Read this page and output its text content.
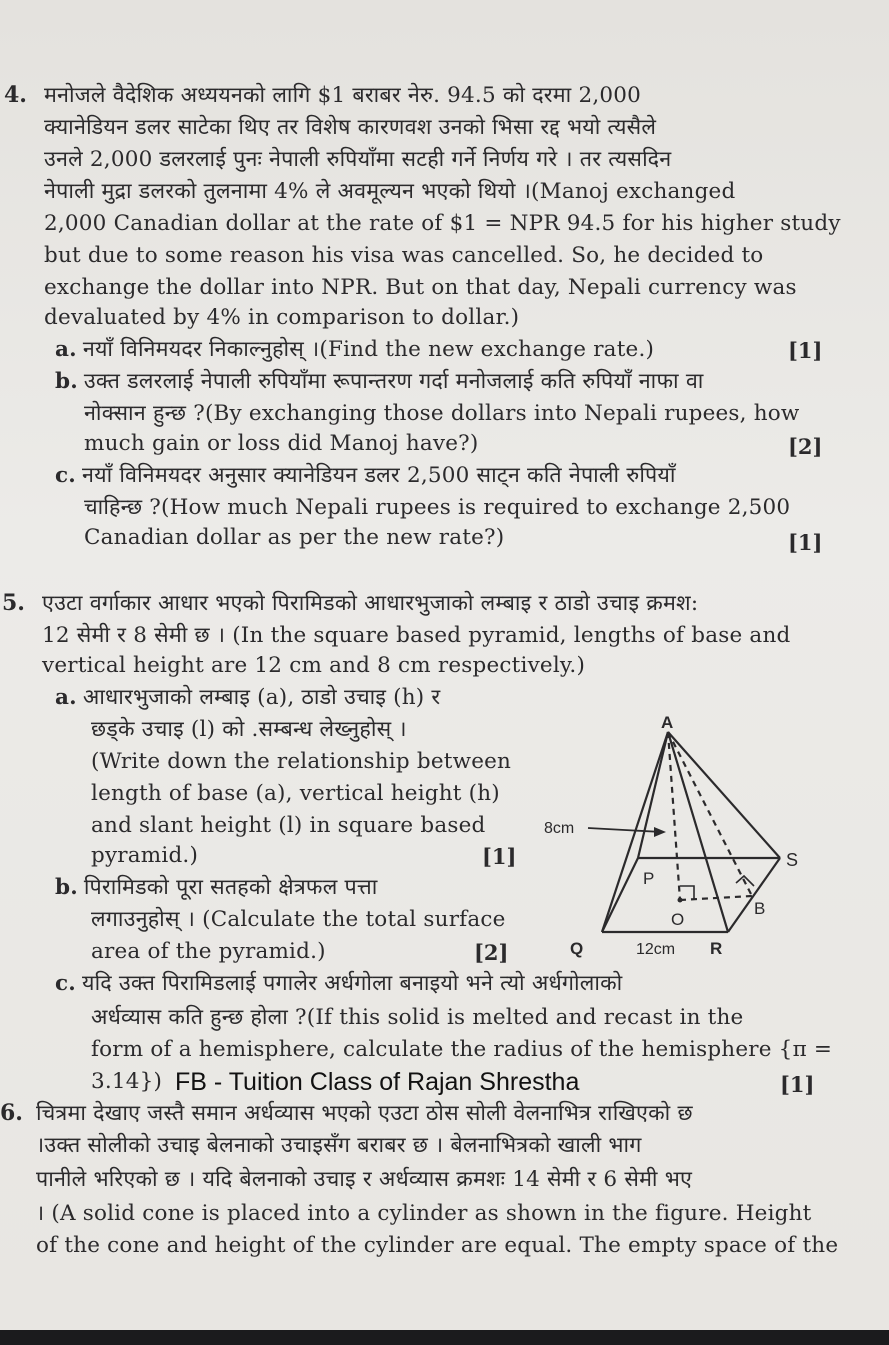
4. मनोजले वैदेशिक अध्ययनको लागि $1 बराबर नेरु. 94.5 को दरमा 2,000
क्यानेडियन डलर साटेका थिए तर विशेष कारणवश उनको भिसा रद्द भयो त्यसैले
उनले 2,000 डलरलाई पुनः नेपाली रुपियाँमा सटही गर्ने निर्णय गरे । तर त्यसदिन
नेपाली मुद्रा डलरको तुलनामा 4% ले अवमूल्यन भएको थियो ।(Manoj exchanged
2,000 Canadian dollar at the rate of $1 = NPR 94.5 for his higher study
but due to some reason his visa was cancelled. So, he decided to
exchange the dollar into NPR. But on that day, Nepali currency was
devaluated by 4% in comparison to dollar.)
a. नयाँ विनिमयदर निकाल्नुहोस् ।(Find the new exchange rate.)	[1]
b. उक्त डलरलाई नेपाली रुपियाँमा रूपान्तरण गर्दा मनोजलाई कति रुपियाँ नाफा वा
नोक्सान हुन्छ ?(By exchanging those dollars into Nepali rupees, how
much gain or loss did Manoj have?)	[2]
c. नयाँ विनिमयदर अनुसार क्यानेडियन डलर 2,500 साट्न कति नेपाली रुपियाँ
चाहिन्छ ?(How much Nepali rupees is required to exchange 2,500
Canadian dollar as per the new rate?)	[1]
5. एउटा वर्गाकार आधार भएको पिरामिडको आधारभुजाको लम्बाइ र ठाडो उचाइ क्रमश:
12 सेमी र 8 सेमी छ । (In the square based pyramid, lengths of base and
vertical height are 12 cm and 8 cm respectively.)
a. आधारभुजाको लम्बाइ (a), ठाडो उचाइ (h) र
छड्के उचाइ (l) को .सम्बन्ध लेख्नुहोस् ।
(Write down the relationship between
length of base (a), vertical height (h)
and slant height (l) in square based
pyramid.)	[1]
b. पिरामिडको पूरा सतहको क्षेत्रफल पत्ता
लगाउनुहोस् । (Calculate the total surface
area of the pyramid.)	[2]
A
P
O
S
B
Q	R
8cm
12cm
c. यदि उक्त पिरामिडलाई पगालेर अर्धगोला बनाइयो भने त्यो अर्धगोलाको
अर्धव्यास कति हुन्छ होला ?(If this solid is melted and recast in the
form of a hemisphere, calculate the radius of the hemisphere {π =
3.14})	[1]
FB - Tuition Class of Rajan Shrestha
6. चित्रमा देखाए जस्तै समान अर्धव्यास भएको एउटा ठोस सोली वेलनाभित्र राखिएको छ
।उक्त सोलीको उचाइ बेलनाको उचाइसँग बराबर छ । बेलनाभित्रको खाली भाग
पानीले भरिएको छ । यदि बेलनाको उचाइ र अर्धव्यास क्रमशः 14 सेमी र 6 सेमी भए
। (A solid cone is placed into a cylinder as shown in the figure. Height
of the cone and height of the cylinder are equal. The empty space of the
